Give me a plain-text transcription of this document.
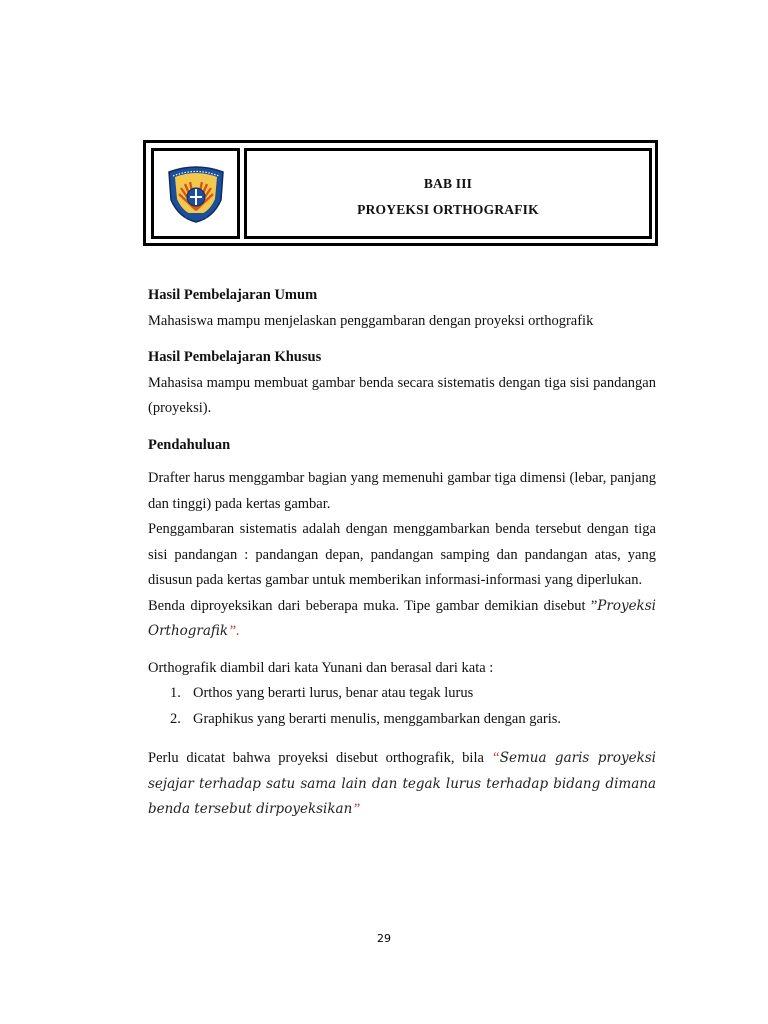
BAB III
PROYEKSI ORTHOGRAFIK

Hasil Pembelajaran Umum

Mahasiswa mampu menjelaskan penggambaran dengan proyeksi orthografik

Hasil Pembelajaran Khusus

Mahasisa mampu membuat gambar benda secara sistematis dengan tiga sisi pandangan (proyeksi).

Pendahuluan

Drafter harus menggambar bagian yang memenuhi gambar tiga dimensi (lebar, panjang dan tinggi) pada kertas gambar.

Penggambaran sistematis adalah dengan menggambarkan benda tersebut dengan tiga sisi pandangan : pandangan depan, pandangan samping dan pandangan atas, yang disusun pada kertas gambar untuk memberikan informasi-informasi yang diperlukan.

Benda diproyeksikan dari beberapa muka. Tipe gambar demikian disebut ”Proyeksi Orthografik”.

Orthografik diambil dari kata Yunani dan berasal dari kata :

1. Orthos yang berarti lurus, benar atau tegak lurus
2. Graphikus yang berarti menulis, menggambarkan dengan garis.

Perlu dicatat bahwa proyeksi disebut orthografik, bila “Semua garis proyeksi sejajar terhadap satu sama lain dan tegak lurus terhadap bidang dimana benda tersebut dirpoyeksikan”

29
